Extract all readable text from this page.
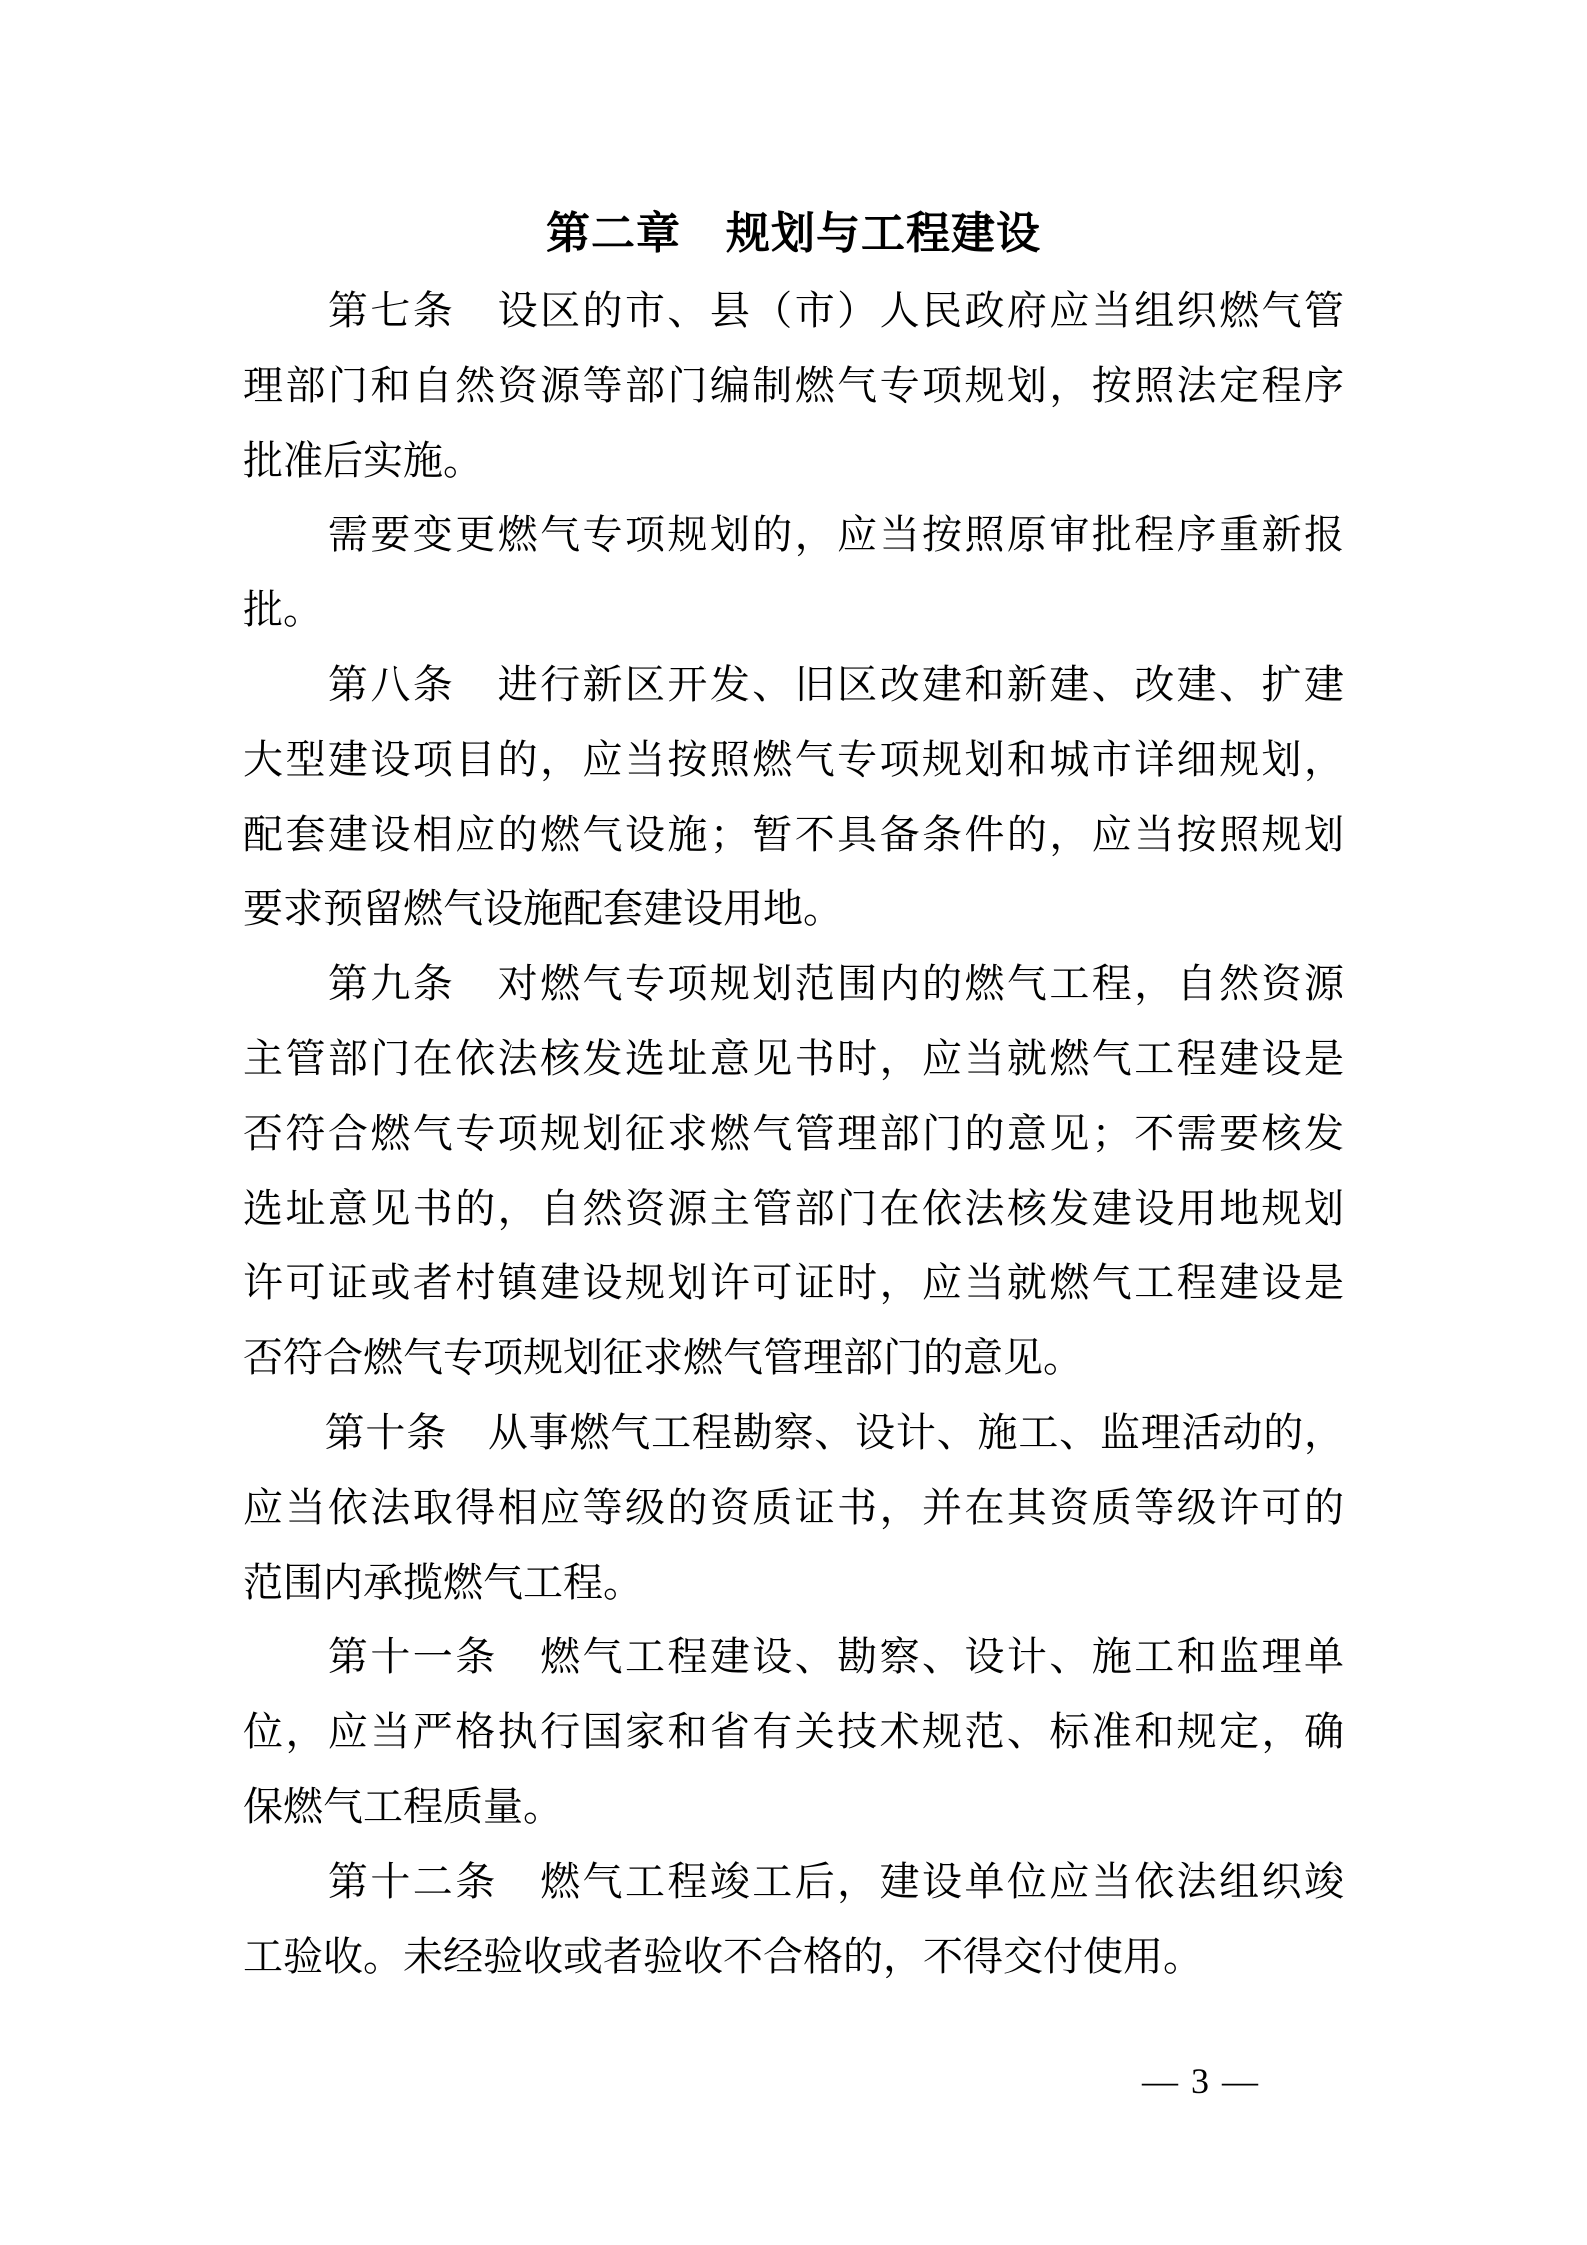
第二章　规划与工程建设
　　第七条　设区的市、县（市）人民政府应当组织燃气管
理部门和自然资源等部门编制燃气专项规划，按照法定程序
批准后实施。
　　需要变更燃气专项规划的，应当按照原审批程序重新报
批。
　　第八条　进行新区开发、旧区改建和新建、改建、扩建
大型建设项目的，应当按照燃气专项规划和城市详细规划，
配套建设相应的燃气设施；暂不具备条件的，应当按照规划
要求预留燃气设施配套建设用地。
　　第九条　对燃气专项规划范围内的燃气工程，自然资源
主管部门在依法核发选址意见书时，应当就燃气工程建设是
否符合燃气专项规划征求燃气管理部门的意见；不需要核发
选址意见书的，自然资源主管部门在依法核发建设用地规划
许可证或者村镇建设规划许可证时，应当就燃气工程建设是
否符合燃气专项规划征求燃气管理部门的意见。
　　第十条　从事燃气工程勘察、设计、施工、监理活动的，
应当依法取得相应等级的资质证书，并在其资质等级许可的
范围内承揽燃气工程。
　　第十一条　燃气工程建设、勘察、设计、施工和监理单
位，应当严格执行国家和省有关技术规范、标准和规定，确
保燃气工程质量。
　　第十二条　燃气工程竣工后，建设单位应当依法组织竣
工验收。未经验收或者验收不合格的，不得交付使用。
— 3 —
